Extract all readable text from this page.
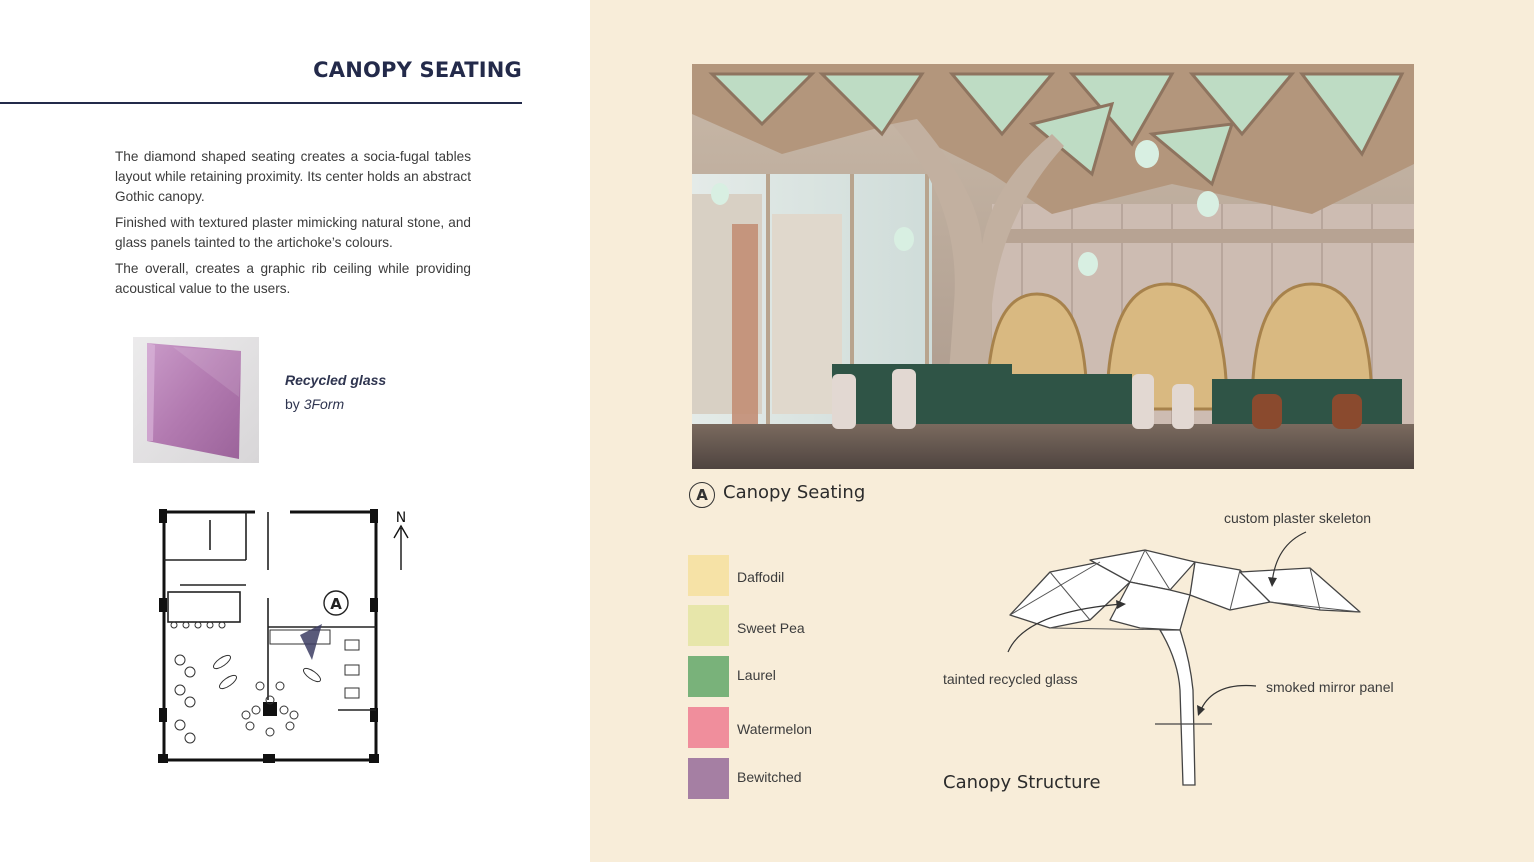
CANOPY SEATING

The diamond shaped seating creates a socia-fugal tables layout while retaining proximity. Its center holds an abstract Gothic canopy.

Finished with textured plaster mimicking natural stone, and glass panels tainted to the artichoke’s colours.

The overall, creates a graphic rib ceiling while providing acoustical value to the users.

Recycled glass
by 3Form
A
N
A Canopy Seating
Daffodil
Sweet Pea
Laurel
Watermelon
Bewitched
custom plaster skeleton
tainted recycled glass	smoked mirror panel
Canopy Structure
